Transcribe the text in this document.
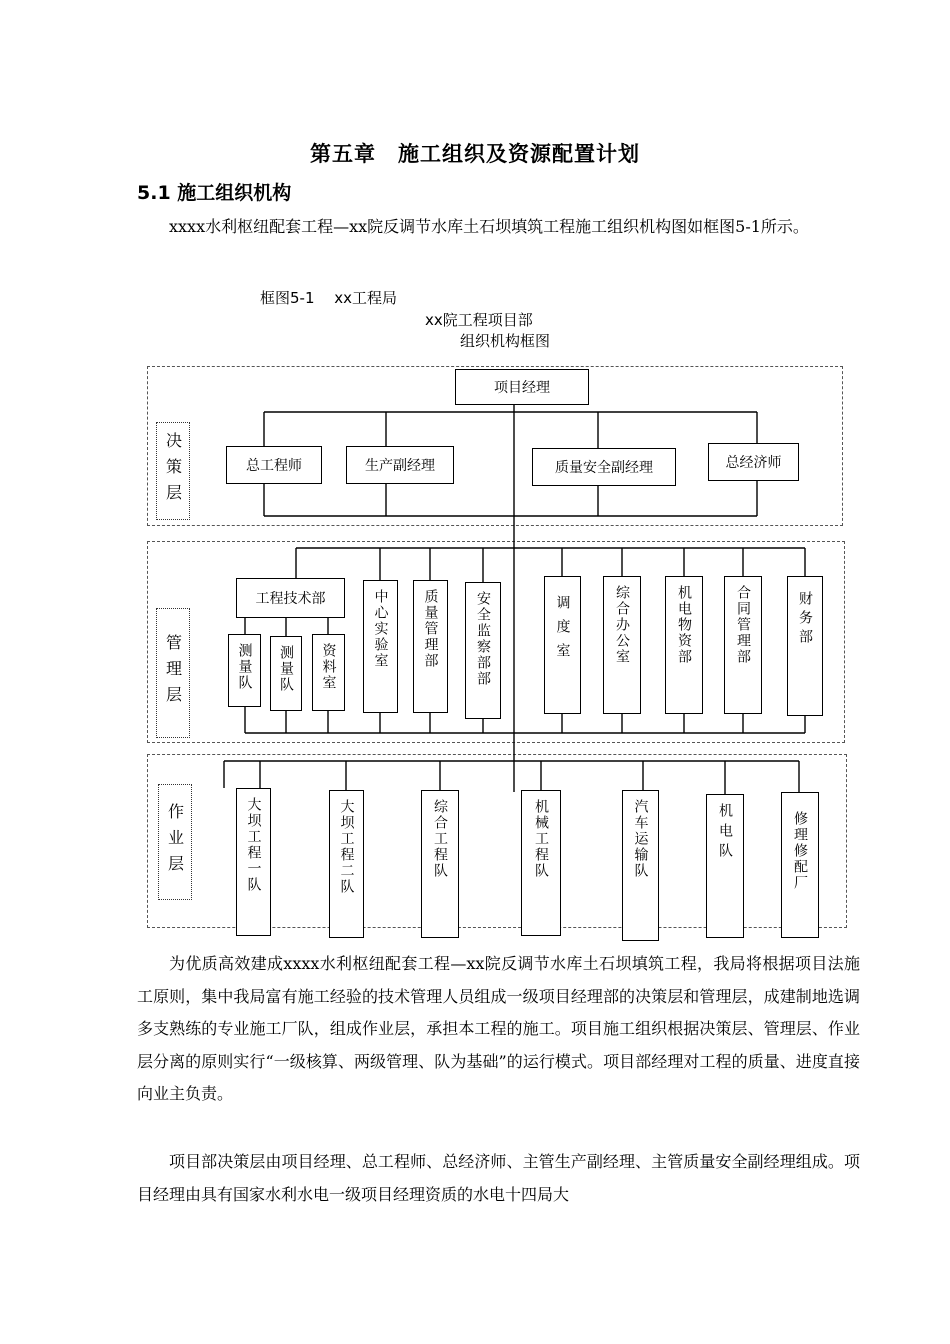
第五章　施工组织及资源配置计划
5.1 施工组织机构

xxxx水利枢纽配套工程—xx院反调节水库土石坝填筑工程施工组织机构图如框图5-1所示。

框图5-1　 xx工程局
xx院工程项目部
组织机构框图
决策层
管理层
作业层
项目经理
总工程师	生产副经理	质量安全副经理	总经济师
工程技术部
测量队	测量队	资料室	中心实验室	质量管理部	安全监察部部	调度室	综合办公室	机电物资部	合同管理部	财务部
大坝工程一队	大坝工程二队	综合工程队	机械工程队	汽车运输队	机电队	修理修配厂

为优质高效建成xxxx水利枢纽配套工程—xx院反调节水库土石坝填筑工程，我局将根据项目法施工原则，集中我局富有施工经验的技术管理人员组成一级项目经理部的决策层和管理层，成建制地选调多支熟练的专业施工厂队，组成作业层，承担本工程的施工。项目施工组织根据决策层、管理层、作业层分离的原则实行“一级核算、两级管理、队为基础”的运行模式。项目部经理对工程的质量、进度直接向业主负责。

项目部决策层由项目经理、总工程师、总经济师、主管生产副经理、主管质量安全副经理组成。项目经理由具有国家水利水电一级项目经理资质的水电十四局大
